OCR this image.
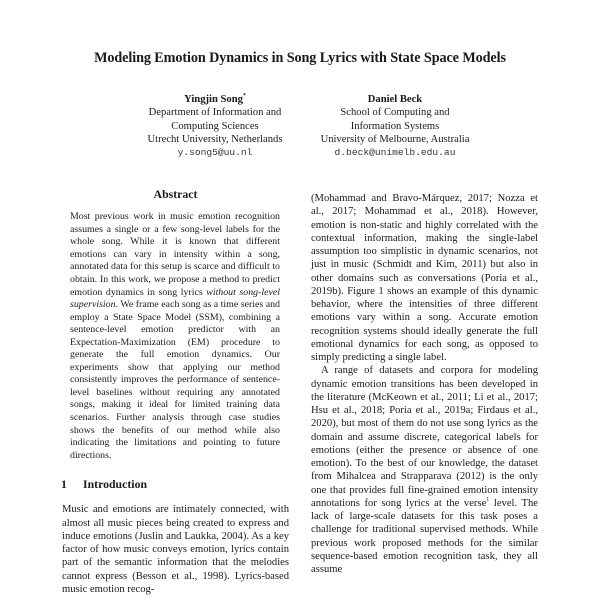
Modeling Emotion Dynamics in Song Lyrics with State Space Models
Yingjin Song*
Department of Information and
Computing Sciences
Utrecht University, Netherlands
y.song5@uu.nl
Daniel Beck
School of Computing and
Information Systems
University of Melbourne, Australia
d.beck@unimelb.edu.au
Abstract

Most previous work in music emotion recognition assumes a single or a few song-level labels for the whole song. While it is known that different emotions can vary in intensity within a song, annotated data for this setup is scarce and difficult to obtain. In this work, we propose a method to predict emotion dynamics in song lyrics without song-level supervision. We frame each song as a time series and employ a State Space Model (SSM), combining a sentence-level emotion predictor with an Expectation-Maximization (EM) procedure to generate the full emotion dynamics. Our experiments show that applying our method consistently improves the performance of sentence-level baselines without requiring any annotated songs, making it ideal for limited training data scenarios. Further analysis through case studies shows the benefits of our method while also indicating the limitations and pointing to future directions.

1 Introduction

Music and emotions are intimately connected, with almost all music pieces being created to express and induce emotions (Juslin and Laukka, 2004). As a key factor of how music conveys emotion, lyrics contain part of the semantic information that the melodies cannot express (Besson et al., 1998). Lyrics-based music emotion recog-

(Mohammad and Bravo-Márquez, 2017; Nozza et al., 2017; Mohammad et al., 2018). However, emotion is non-static and highly correlated with the contextual information, making the single-label assumption too simplistic in dynamic scenarios, not just in music (Schmidt and Kim, 2011) but also in other domains such as conversations (Poria et al., 2019b). Figure 1 shows an example of this dynamic behavior, where the intensities of three different emotions vary within a song. Accurate emotion recognition systems should ideally generate the full emotional dynamics for each song, as opposed to simply predicting a single label.

A range of datasets and corpora for modeling dynamic emotion transitions has been developed in the literature (McKeown et al., 2011; Li et al., 2017; Hsu et al., 2018; Poria et al., 2019a; Firdaus et al., 2020), but most of them do not use song lyrics as the domain and assume discrete, categorical labels for emotions (either the presence or absence of one emotion). To the best of our knowledge, the dataset from Mihalcea and Strapparava (2012) is the only one that provides full fine-grained emotion intensity annotations for song lyrics at the verse$^1$ level. The lack of large-scale datasets for this task poses a challenge for traditional supervised methods. While previous work proposed methods for the similar sequence-based emotion recognition task, they all assume
